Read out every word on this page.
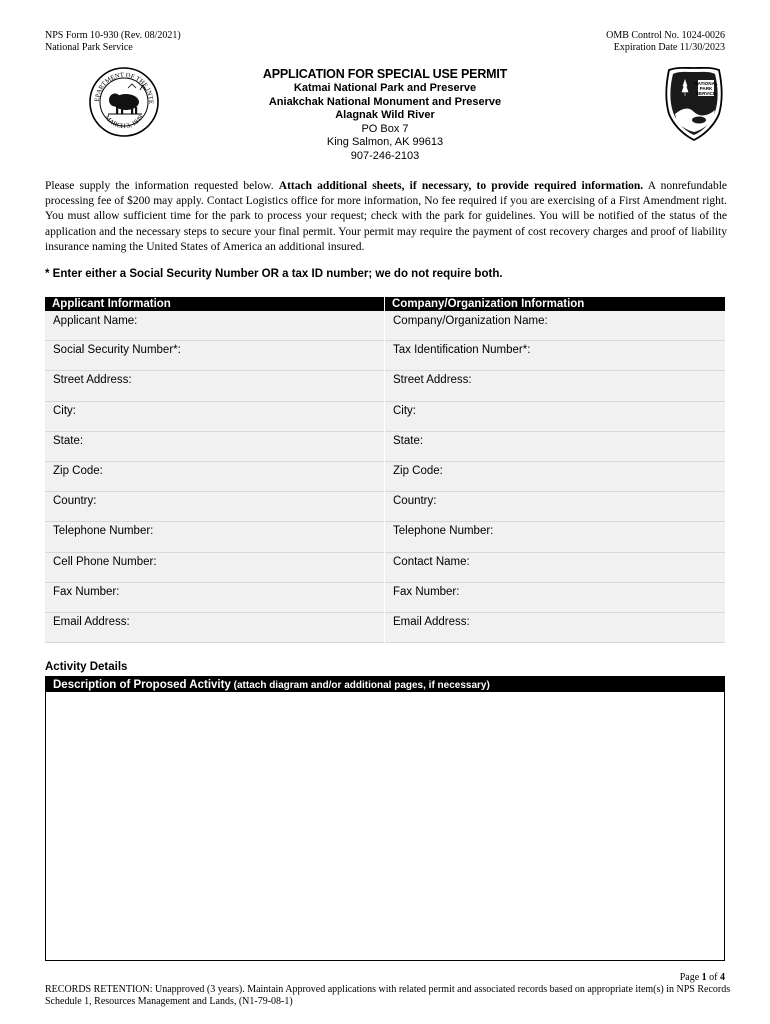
NPS Form 10-930 (Rev. 08/2021)
National Park Service
OMB Control No. 1024-0026
Expiration Date 11/30/2023
EPARTMENT OF THE INTE
MARCH 3, 1849
APPLICATION FOR SPECIAL USE PERMIT
Katmai National Park and Preserve
Aniakchak National Monument and Preserve
Alagnak Wild River
PO Box 7
King Salmon, AK 99613
907-246-2103
NATIONAL
PARK
SERVICE
Please supply the information requested below. Attach additional sheets, if necessary, to provide required information. A nonrefundable processing fee of $200 may apply. Contact Logistics office for more information, No fee required if you are exercising of a First Amendment right. You must allow sufficient time for the park to process your request; check with the park for guidelines. You will be notified of the status of the application and the necessary steps to secure your final permit. Your permit may require the payment of cost recovery charges and proof of liability insurance naming the United States of America an additional insured.
* Enter either a Social Security Number OR a tax ID number; we do not require both.
Applicant Information	Company/Organization Information
Applicant Name:	Company/Organization Name:
Social Security Number*:	Tax Identification Number*:
Street Address:	Street Address:
City:	City:
State:	State:
Zip Code:	Zip Code:
Country:	Country:
Telephone Number:	Telephone Number:
Cell Phone Number:	Contact Name:
Fax Number:	Fax Number:
Email Address:	Email Address:
Activity Details
Description of Proposed Activity (attach diagram and/or additional pages, if necessary)
Page 1 of 4
RECORDS RETENTION: Unapproved (3 years). Maintain Approved applications with related permit and associated records based on appropriate item(s) in NPS Records Schedule 1, Resources Management and Lands, (N1-79-08-1)
